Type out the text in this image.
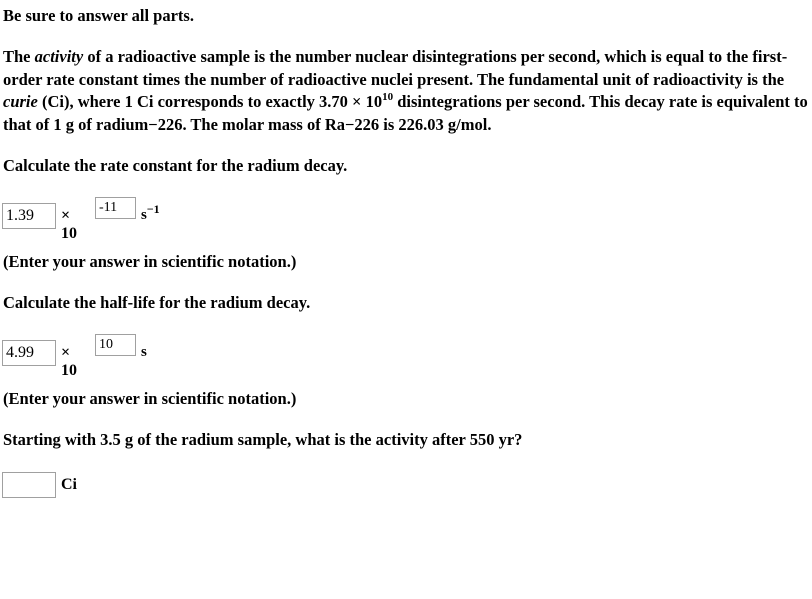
Be sure to answer all parts.
The activity of a radioactive sample is the number nuclear disintegrations per second, which is equal to the first-order rate constant times the number of radioactive nuclei present. The fundamental unit of radioactivity is the curie (Ci), where 1 Ci corresponds to exactly $3.70 \times 10^{10}$ disintegrations per second. This decay rate is equivalent to that of 1 g of radium−226. The molar mass of Ra−226 is 226.03 g/mol.
Calculate the rate constant for the radium decay.
1.39
× 10
-11
$s^{-1}$
(Enter your answer in scientific notation.)
Calculate the half-life for the radium decay.
4.99
× 10
10
s
(Enter your answer in scientific notation.)
Starting with 3.5 g of the radium sample, what is the activity after 550 yr?
Ci
